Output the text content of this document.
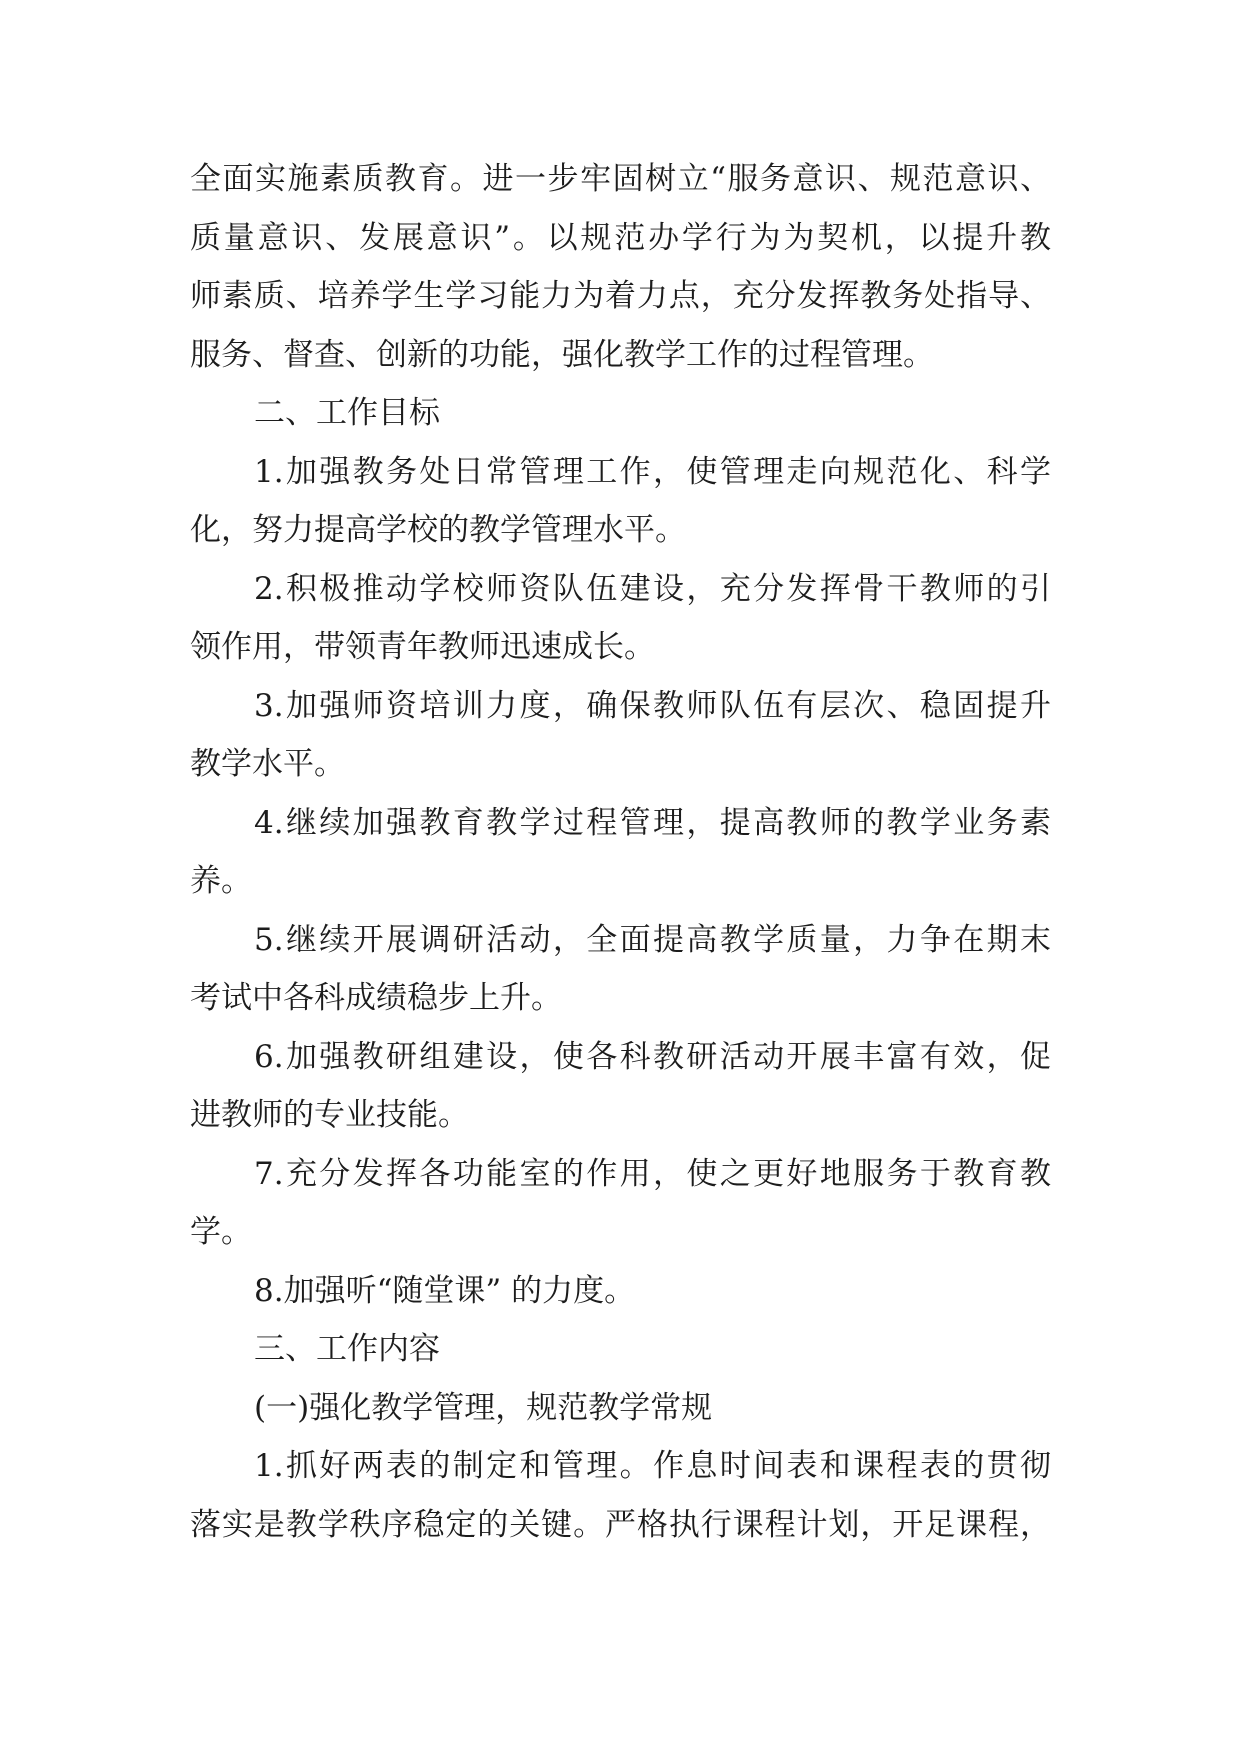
全面实施素质教育。进一步牢固树立“服务意识、规范意识、
质量意识、发展意识”。以规范办学行为为契机，以提升教
师素质、培养学生学习能力为着力点，充分发挥教务处指导、
服务、督查、创新的功能，强化教学工作的过程管理。
二、工作目标
1.加强教务处日常管理工作，使管理走向规范化、科学
化，努力提高学校的教学管理水平。
2.积极推动学校师资队伍建设，充分发挥骨干教师的引
领作用，带领青年教师迅速成长。
3.加强师资培训力度，确保教师队伍有层次、稳固提升
教学水平。
4.继续加强教育教学过程管理，提高教师的教学业务素
养。
5.继续开展调研活动，全面提高教学质量，力争在期末
考试中各科成绩稳步上升。
6.加强教研组建设，使各科教研活动开展丰富有效，促
进教师的专业技能。
7.充分发挥各功能室的作用，使之更好地服务于教育教
学。
8.加强听“随堂课” 的力度。
三、工作内容
(一)强化教学管理，规范教学常规
1.抓好两表的制定和管理。作息时间表和课程表的贯彻
落实是教学秩序稳定的关键。严格执行课程计划，开足课程，
